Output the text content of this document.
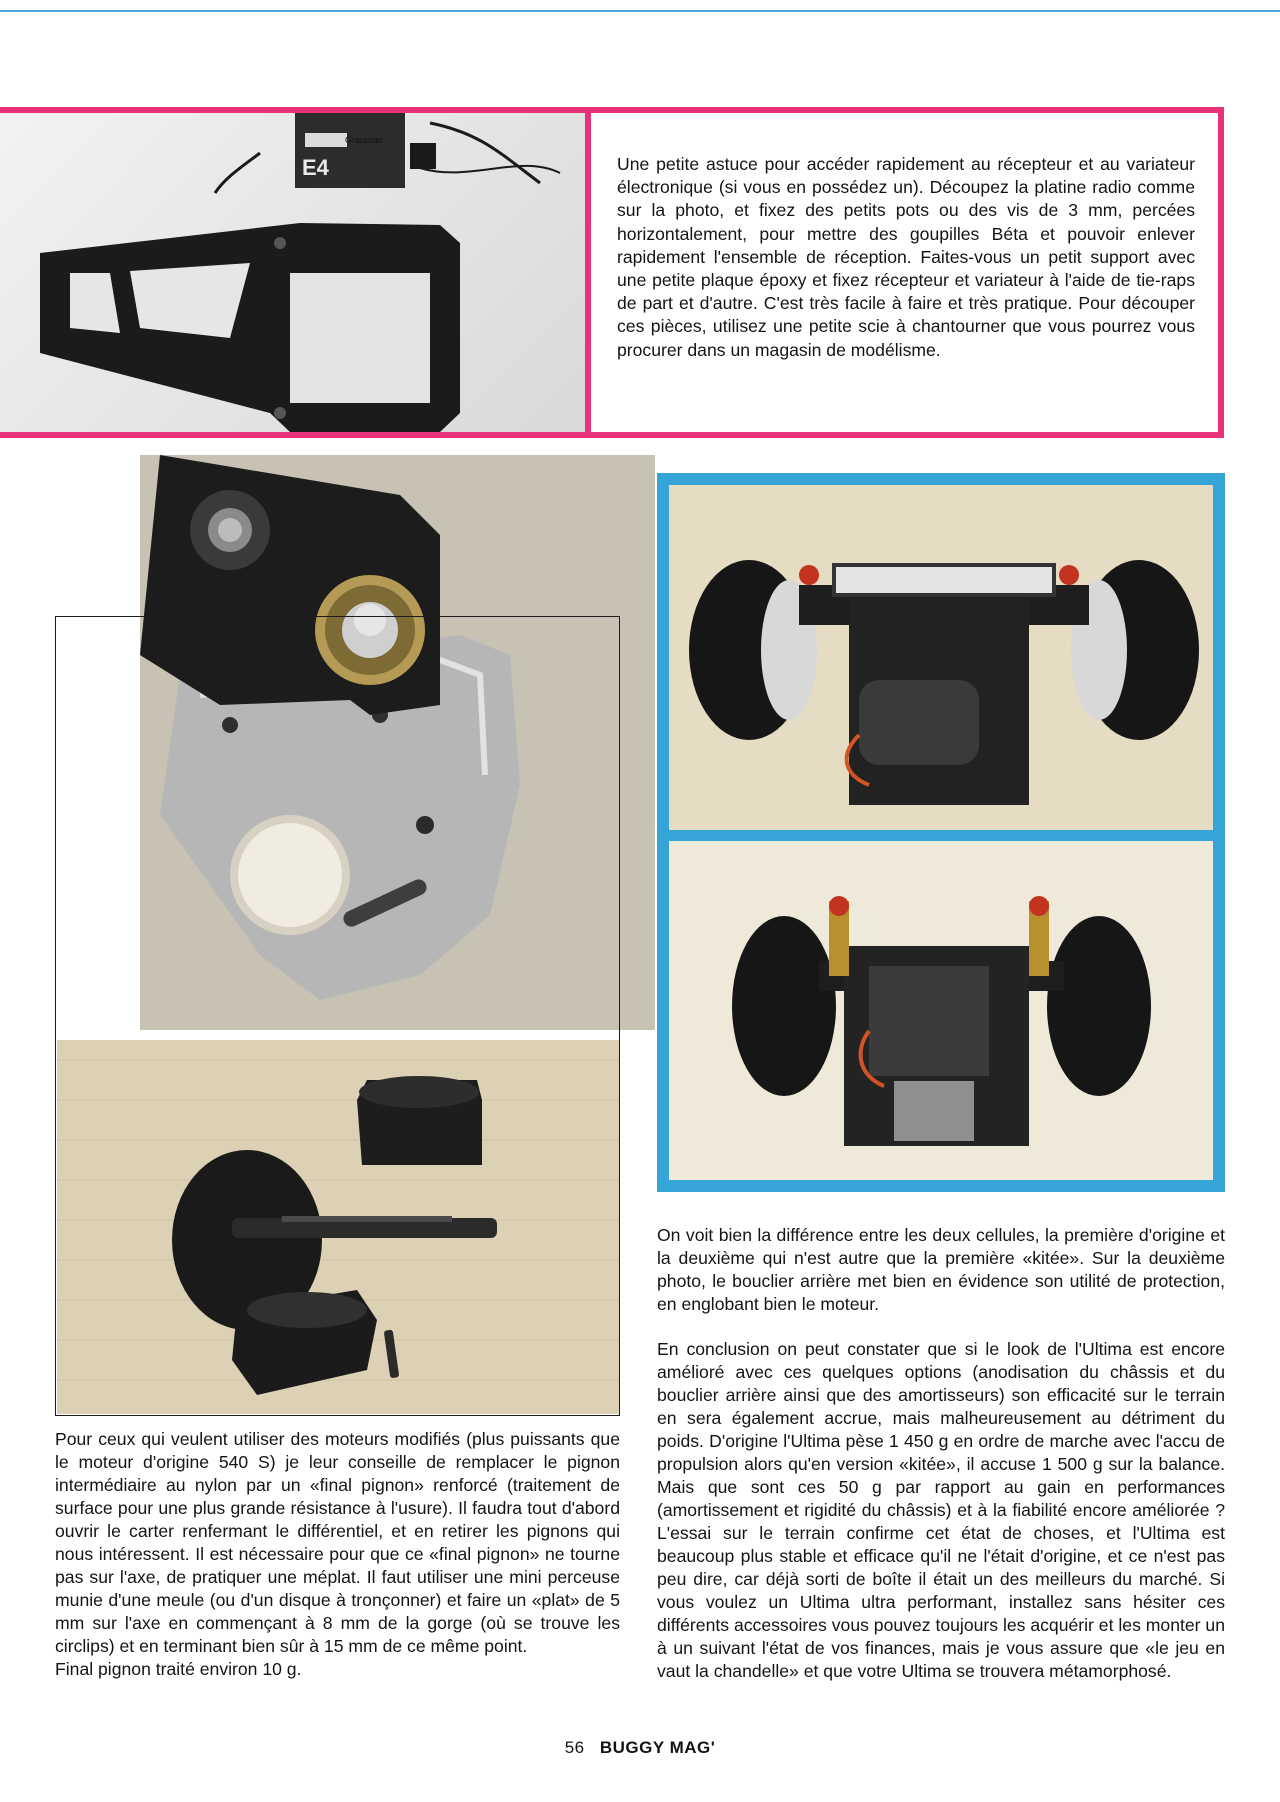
E4
Graupner
Une petite astuce pour accéder rapidement au récepteur et au variateur électronique (si vous en possédez un). Découpez la platine radio comme sur la photo, et fixez des petits pots ou des vis de 3 mm, percées horizontalement, pour mettre des goupilles Béta et pouvoir enlever rapidement l'ensemble de réception. Faites-vous un petit support avec une petite plaque époxy et fixez récepteur et variateur à l'aide de tie-raps de part et d'autre. C'est très facile à faire et très pratique. Pour découper ces pièces, utilisez une petite scie à chantourner que vous pourrez vous procurer dans un magasin de modélisme.

Pour ceux qui veulent utiliser des moteurs modifiés (plus puissants que le moteur d'origine 540 S) je leur conseille de remplacer le pignon intermédiaire au nylon par un «final pignon» renforcé (traitement de surface pour une plus grande résistance à l'usure). Il faudra tout d'abord ouvrir le carter renfermant le différentiel, et en retirer les pignons qui nous intéressent. Il est nécessaire pour que ce «final pignon» ne tourne pas sur l'axe, de pratiquer une méplat. Il faut utiliser une mini perceuse munie d'une meule (ou d'un disque à tronçonner) et faire un «plat» de 5 mm sur l'axe en commençant à 8 mm de la gorge (où se trouve les circlips) et en terminant bien sûr à 15 mm de ce même point.

Final pignon traité environ 10 g.

On voit bien la différence entre les deux cellules, la première d'origine et la deuxième qui n'est autre que la première «kitée». Sur la deuxième photo, le bouclier arrière met bien en évidence son utilité de protection, en englobant bien le moteur.

En conclusion on peut constater que si le look de l'Ultima est encore amélioré avec ces quelques options (anodisation du châssis et du bouclier arrière ainsi que des amortisseurs) son efficacité sur le terrain en sera également accrue, mais malheureusement au détriment du poids. D'origine l'Ultima pèse 1 450 g en ordre de marche avec l'accu de propulsion alors qu'en version «kitée», il accuse 1 500 g sur la balance. Mais que sont ces 50 g par rapport au gain en performances (amortissement et rigidité du châssis) et à la fiabilité encore améliorée ? L'essai sur le terrain confirme cet état de choses, et l'Ultima est beaucoup plus stable et efficace qu'il ne l'était d'origine, et ce n'est pas peu dire, car déjà sorti de boîte il était un des meilleurs du marché. Si vous voulez un Ultima ultra performant, installez sans hésiter ces différents accessoires vous pouvez toujours les acquérir et les monter un à un suivant l'état de vos finances, mais je vous assure que «le jeu en vaut la chandelle» et que votre Ultima se trouvera métamorphosé.

56 BUGGY MAG'
